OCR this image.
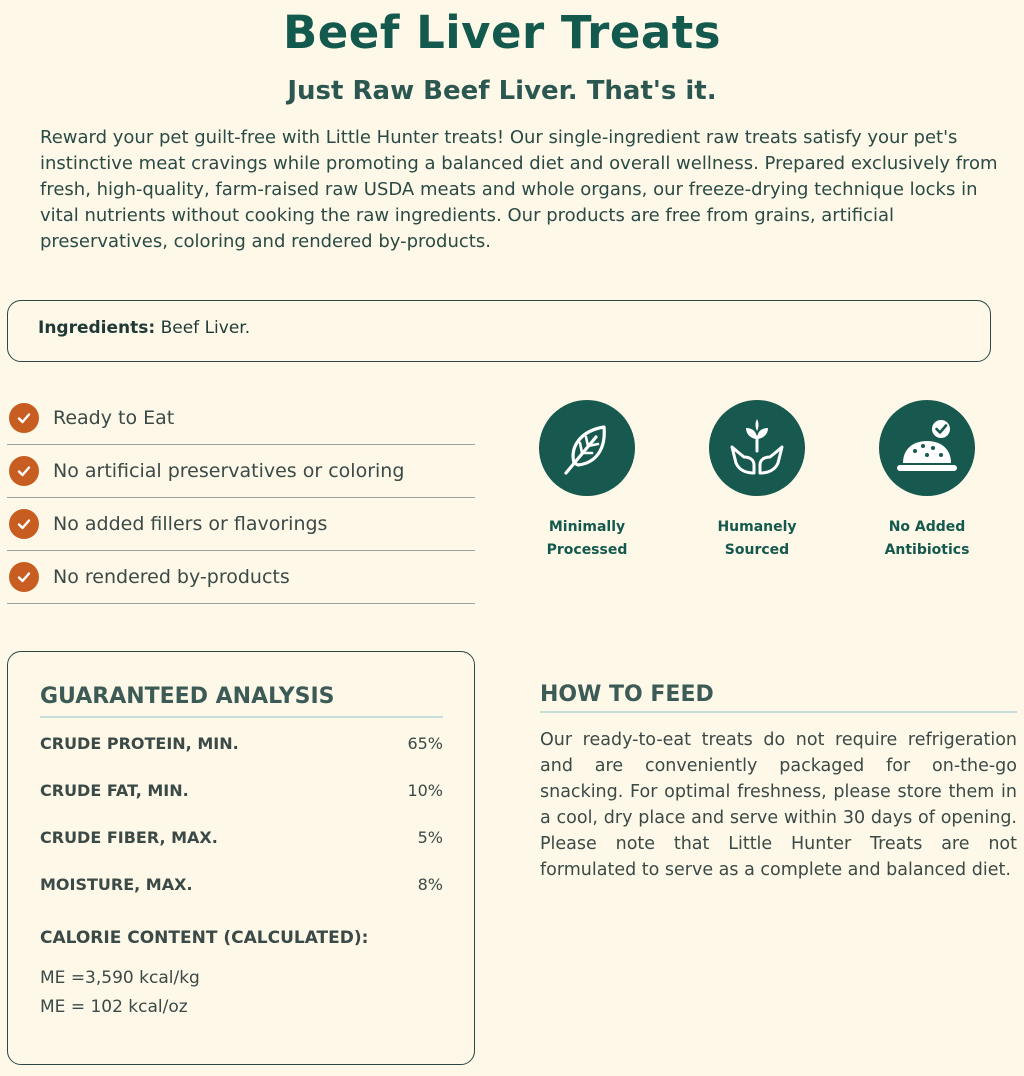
Beef Liver Treats
Just Raw Beef Liver. That's it.

Reward your pet guilt-free with Little Hunter treats! Our single-ingredient raw treats satisfy your pet's instinctive meat cravings while promoting a balanced diet and overall wellness. Prepared exclusively from fresh, high-quality, farm-raised raw USDA meats and whole organs, our freeze-drying technique locks in vital nutrients without cooking the raw ingredients. Our products are free from grains, artificial preservatives, coloring and rendered by-products.

Ingredients: Beef Liver.
Ready to Eat
No artificial preservatives or coloring
No added fillers or flavorings
No rendered by-products
Minimally
Processed
Humanely
Sourced
No Added
Antibiotics
GUARANTEED ANALYSIS
CRUDE PROTEIN, MIN.	65%
CRUDE FAT, MIN.	10%
CRUDE FIBER, MAX.	5%
MOISTURE, MAX.	8%
CALORIE CONTENT (CALCULATED):
ME =3,590 kcal/kg
ME = 102 kcal/oz
HOW TO FEED

Our ready-to-eat treats do not require refrigeration and are conveniently packaged for on-the-go snacking. For optimal freshness, please store them in a cool, dry place and serve within 30 days of opening. Please note that Little Hunter Treats are not formulated to serve as a complete and balanced diet.
